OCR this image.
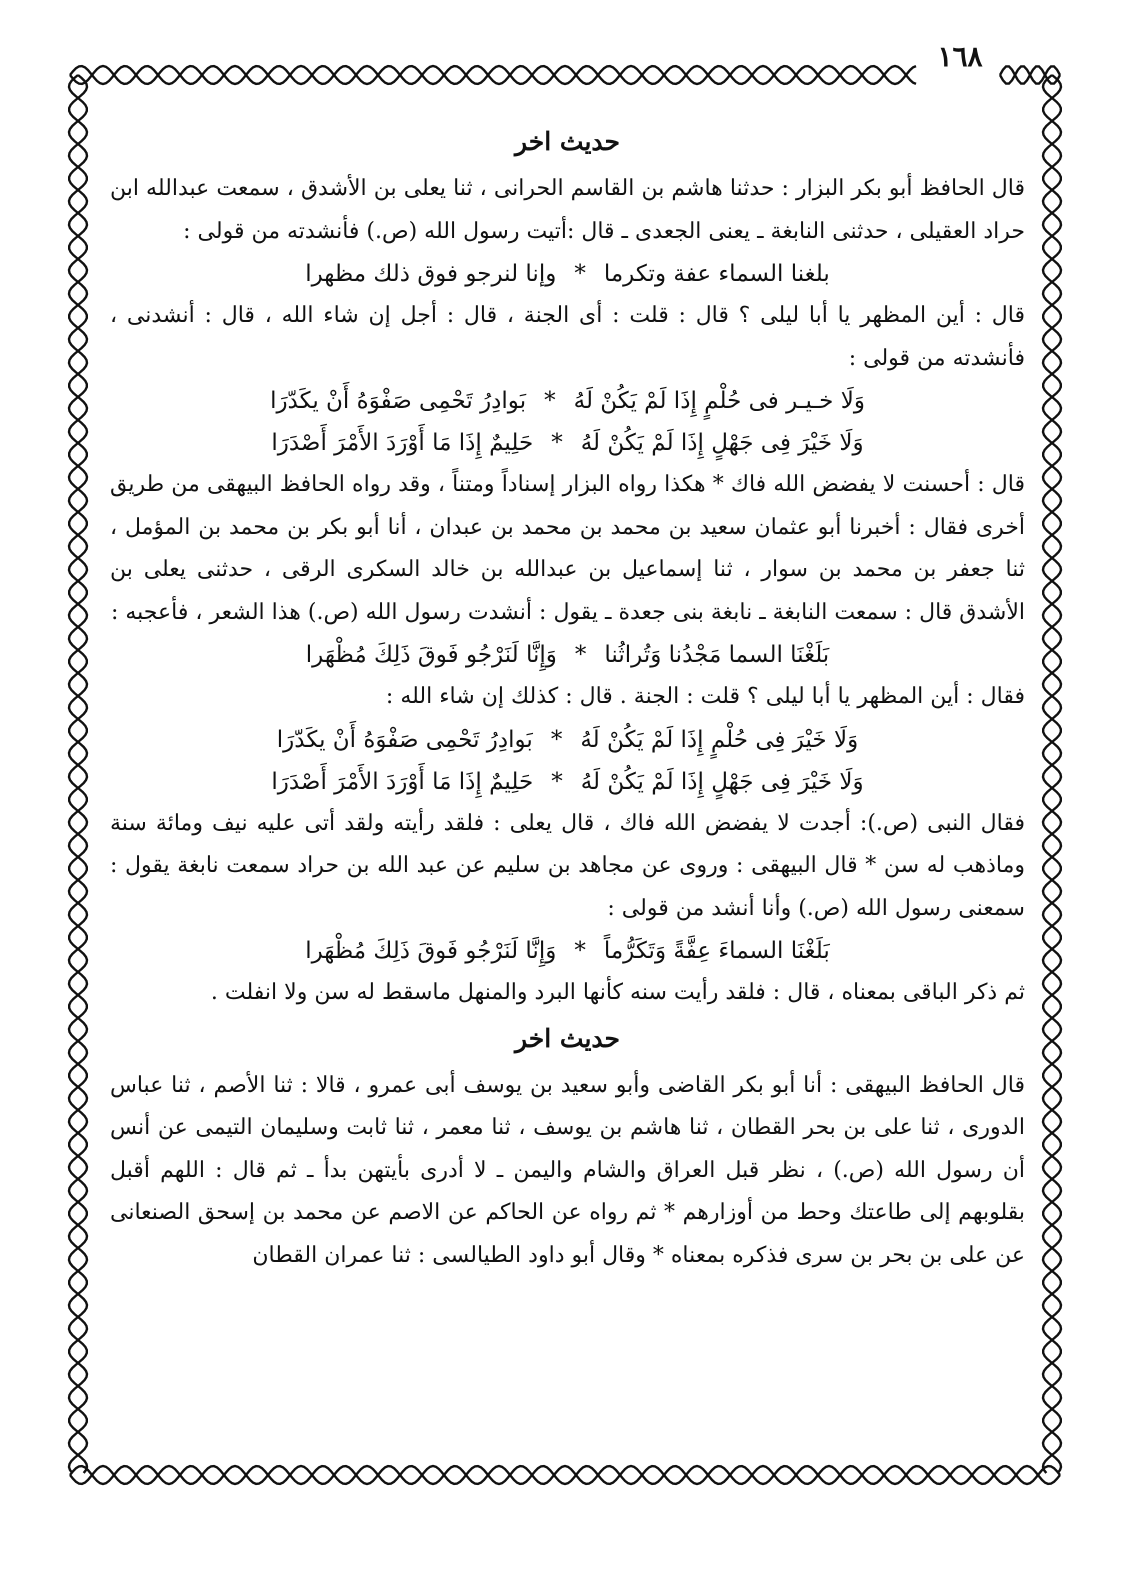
١٦٨
حديث اخر

قال الحافظ أبو بكر البزار : حدثنا هاشم بن القاسم الحرانى ، ثنا يعلى بن الأشدق ، سمعت عبدالله ابن حراد العقيلى ، حدثنى النابغة ـ يعنى الجعدى ـ قال :أتيت رسول الله (ص.) فأنشدته من قولى :

بلغنا السماء عفة وتكرما*وإنا لنرجو فوق ذلك مظهرا

قال : أين المظهر يا أبا ليلى ؟ قال : قلت : أى الجنة ، قال : أجل إن شاء الله ، قال : أنشدنى ، فأنشدته من قولى :

وَلَا خـيـر فى حُلْمٍ إِذَا لَمْ يَكُنْ لَهُ*بَوادِرُ تَحْمِى صَفْوَهُ أَنْ يكَدّرَا
وَلَا خَيْرَ فِى جَهْلٍ إِذَا لَمْ يَكُنْ لَهُ*حَلِيمٌ إِذَا مَا أَوْرَدَ الأَمْرَ أَصْدَرَا

قال : أحسنت لا يفضض الله فاك * هكذا رواه البزار إسناداً ومتناً ، وقد رواه الحافظ البيهقى من طريق أخرى فقال : أخبرنا أبو عثمان سعيد بن محمد بن محمد بن عبدان ، أنا أبو بكر بن محمد بن المؤمل ، ثنا جعفر بن محمد بن سوار ، ثنا إسماعيل بن عبدالله بن خالد السكرى الرقى ، حدثنى يعلى بن الأشدق قال : سمعت النابغة ـ نابغة بنى جعدة ـ يقول : أنشدت رسول الله (ص.) هذا الشعر ، فأعجبه :

بَلَغْنَا السما مَجْدُنا وَتُراثُنا*وَإِنَّا لَنَرْجُو فَوقَ ذَلِكَ مُظْهَرا

فقال : أين المظهر يا أبا ليلى ؟ قلت : الجنة . قال : كذلك إن شاء الله :

وَلَا خَيْرَ فِى حُلْمٍ إِذَا لَمْ يَكُنْ لَهُ*بَوادِرُ تَحْمِى صَفْوَهُ أَنْ يكَدّرَا
وَلَا خَيْرَ فِى جَهْلٍ إِذَا لَمْ يَكُنْ لَهُ*حَلِيمٌ إِذَا مَا أَوْرَدَ الأَمْرَ أَصْدَرَا

فقال النبى (ص.): أجدت لا يفضض الله فاك ، قال يعلى : فلقد رأيته ولقد أتى عليه نيف ومائة سنة وماذهب له سن * قال البيهقى : وروى عن مجاهد بن سليم عن عبد الله بن حراد سمعت نابغة يقول : سمعنى رسول الله (ص.) وأنا أنشد من قولى :

بَلَغْنَا السماءَ عِفَّةً وَتَكَرُّماً*وَإِنَّا لَنَرْجُو فَوقَ ذَلِكَ مُظْهَرا

ثم ذكر الباقى بمعناه ، قال : فلقد رأيت سنه كأنها البرد والمنهل ماسقط له سن ولا انفلت .

حديث اخر

قال الحافظ البيهقى : أنا أبو بكر القاضى وأبو سعيد بن يوسف أبى عمرو ، قالا : ثنا الأصم ، ثنا عباس الدورى ، ثنا على بن بحر القطان ، ثنا هاشم بن يوسف ، ثنا معمر ، ثنا ثابت وسليمان التيمى عن أنس أن رسول الله (ص.) ، نظر قبل العراق والشام واليمن ـ لا أدرى بأيتهن بدأ ـ ثم قال : اللهم أقبل بقلوبهم إلى طاعتك وحط من أوزارهم * ثم رواه عن الحاكم عن الاصم عن محمد بن إسحق الصنعانى عن على بن بحر بن سرى فذكره بمعناه * وقال أبو داود الطيالسى : ثنا عمران القطان
